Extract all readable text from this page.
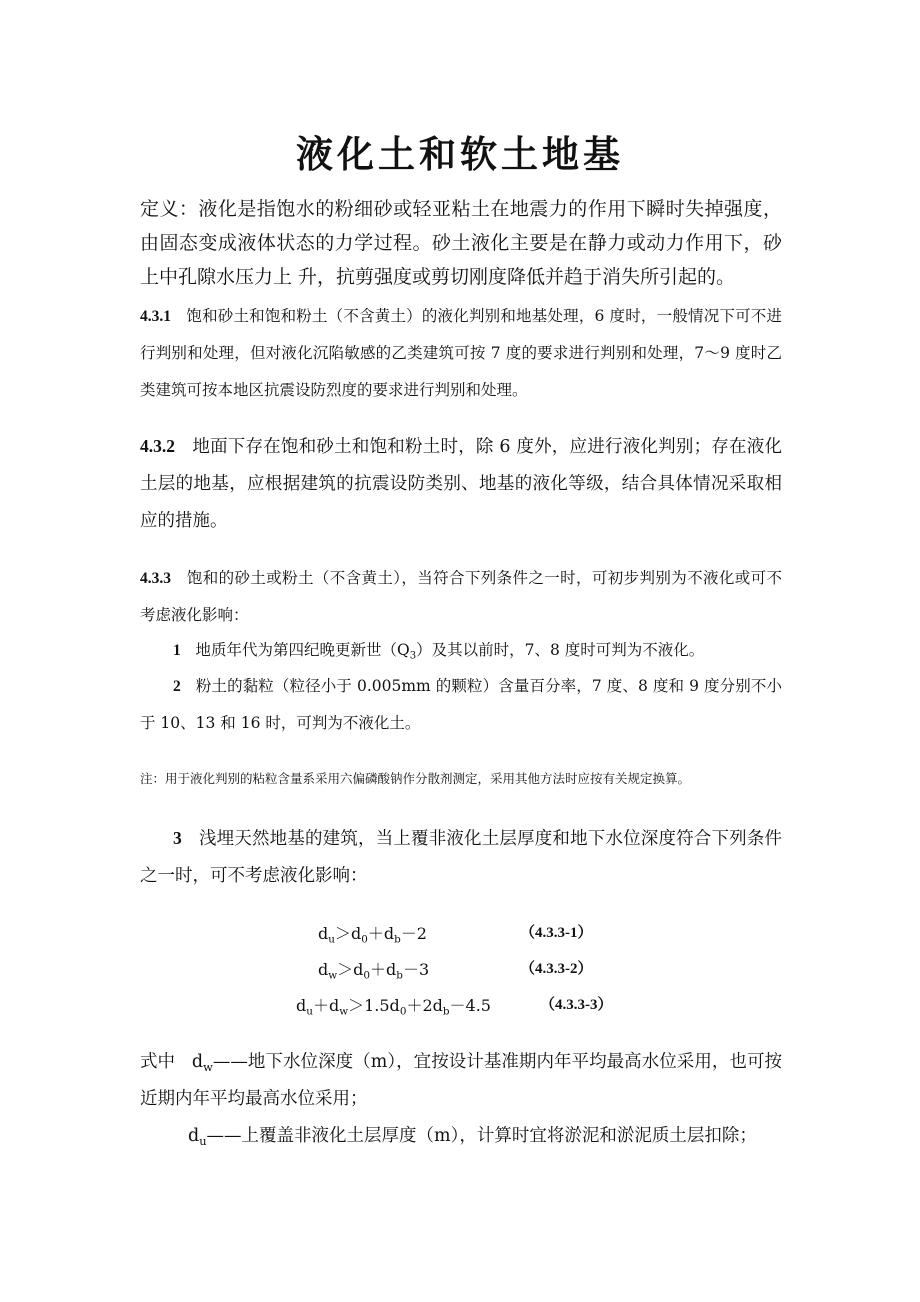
液化土和软土地基
定义：液化是指饱水的粉细砂或轻亚粘土在地震力的作用下瞬时失掉强度，由固态变成液体状态的力学过程。砂土液化主要是在静力或动力作用下，砂上中孔隙水压力上 升，抗剪强度或剪切刚度降低并趋于消失所引起的。
4.3.1 饱和砂土和饱和粉土（不含黄土）的液化判别和地基处理，6 度时，一般情况下可不进行判别和处理，但对液化沉陷敏感的乙类建筑可按 7 度的要求进行判别和处理，7～9 度时乙类建筑可按本地区抗震设防烈度的要求进行判别和处理。
4.3.2 地面下存在饱和砂土和饱和粉土时，除 6 度外，应进行液化判别；存在液化土层的地基，应根据建筑的抗震设防类别、地基的液化等级，结合具体情况采取相应的措施。
4.3.3 饱和的砂土或粉土（不含黄土），当符合下列条件之一时，可初步判别为不液化或可不考虑液化影响：
1 地质年代为第四纪晚更新世$(Q_3)$及其以前时，7、8 度时可判为不液化。
2 粉土的黏粒（粒径小于 0.005mm 的颗粒）含量百分率，7 度、8 度和 9 度分别不小于 10、13 和 16 时，可判为不液化土。
注：用于液化判别的粘粒含量系采用六偏磷酸钠作分散剂测定，采用其他方法时应按有关规定换算。
3 浅埋天然地基的建筑，当上覆非液化土层厚度和地下水位深度符合下列条件之一时，可不考虑液化影响：
$d_u>d_0+d_b-2$	（4.3.3-1）
$d_w>d_0+d_b-3$	（4.3.3-2）
$d_u+d_w>1.5d_0+2d_b-4.5$	（4.3.3-3）
式中 $d_w——$地下水位深度（m），宜按设计基准期内年平均最高水位采用，也可按近期内年平均最高水位采用；
$d_u——$上覆盖非液化土层厚度（m），计算时宜将淤泥和淤泥质土层扣除；
